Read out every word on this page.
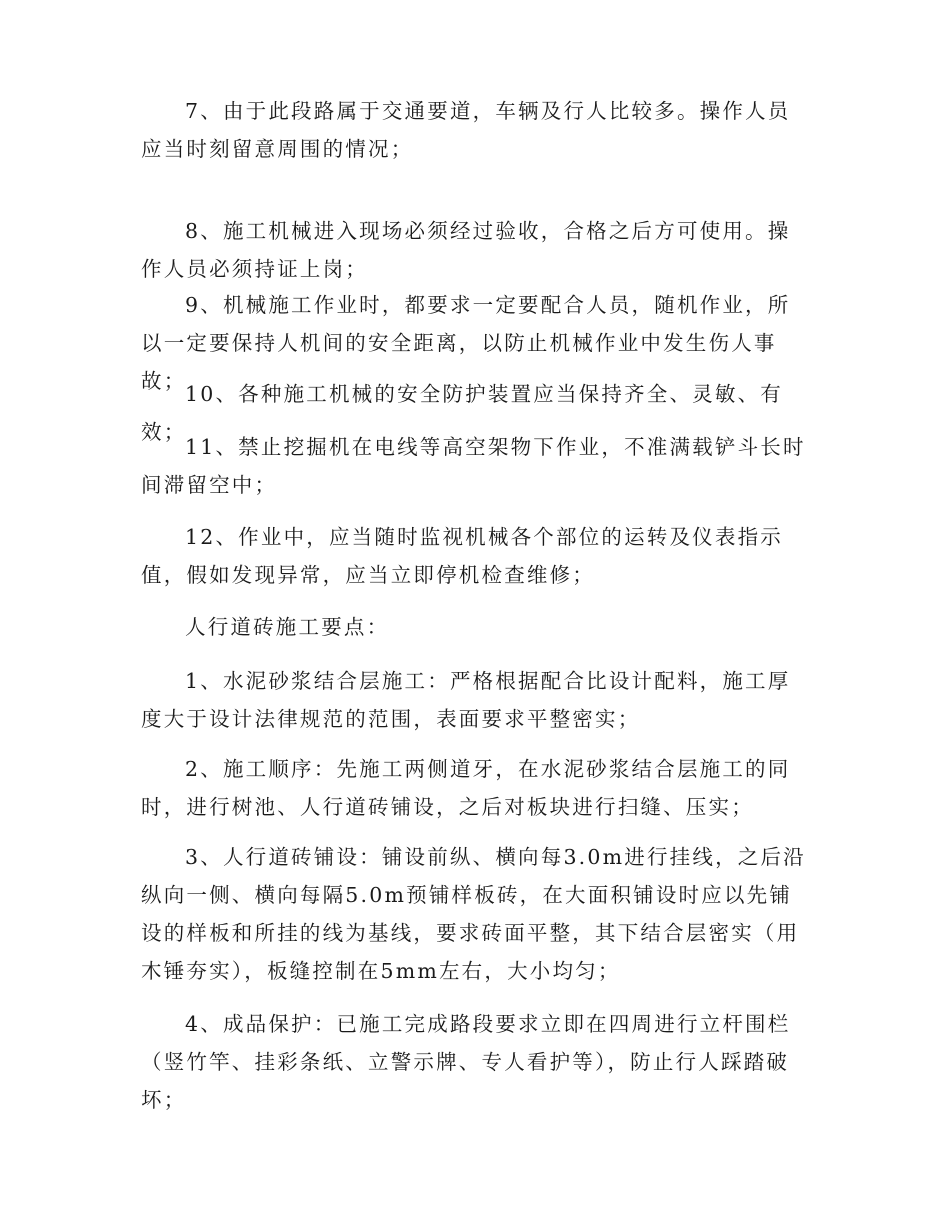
7、由于此段路属于交通要道，车辆及行人比较多。操作人员应当时刻留意周围的情况；

8、施工机械进入现场必须经过验收，合格之后方可使用。操作人员必须持证上岗；

9、机械施工作业时，都要求一定要配合人员，随机作业，所以一定要保持人机间的安全距离，以防止机械作业中发生伤人事故；

10、各种施工机械的安全防护装置应当保持齐全、灵敏、有效；

11、禁止挖掘机在电线等高空架物下作业，不准满载铲斗长时间滞留空中；

12、作业中，应当随时监视机械各个部位的运转及仪表指示值，假如发现异常，应当立即停机检查维修；

人行道砖施工要点：

1、水泥砂浆结合层施工：严格根据配合比设计配料，施工厚度大于设计法律规范的范围，表面要求平整密实；

2、施工顺序：先施工两侧道牙，在水泥砂浆结合层施工的同时，进行树池、人行道砖铺设，之后对板块进行扫缝、压实；

3、人行道砖铺设：铺设前纵、横向每3.0m进行挂线，之后沿纵向一侧、横向每隔5.0m预铺样板砖，在大面积铺设时应以先铺设的样板和所挂的线为基线，要求砖面平整，其下结合层密实（用木锤夯实），板缝控制在5mm左右，大小均匀；

4、成品保护：已施工完成路段要求立即在四周进行立杆围栏（竖竹竿、挂彩条纸、立警示牌、专人看护等），防止行人踩踏破坏；
